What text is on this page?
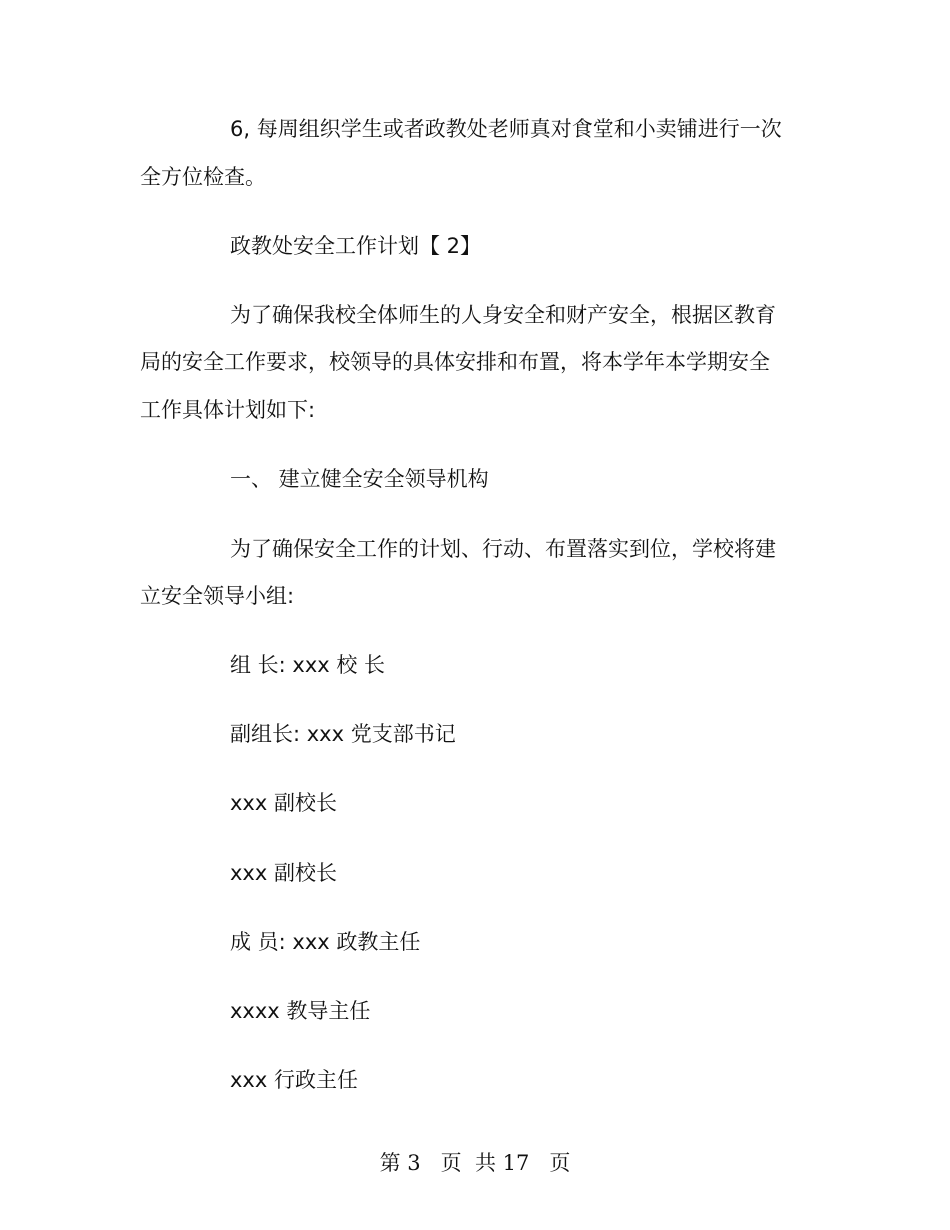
6, 每周组织学生或者政教处老师真对食堂和小卖铺进行一次
全方位检查。
政教处安全工作计划【 2】
为了确保我校全体师生的人身安全和财产安全，根据区教育
局的安全工作要求，校领导的具体安排和布置，将本学年本学期安全
工作具体计划如下:
一、 建立健全安全领导机构
为了确保安全工作的计划、行动、布置落实到位，学校将建
立安全领导小组:
组 长: xxx 校 长
副组长: xxx 党支部书记
xxx 副校长
xxx 副校长
成 员: xxx 政教主任
xxxx 教导主任
xxx 行政主任
第 3   页  共 17   页
